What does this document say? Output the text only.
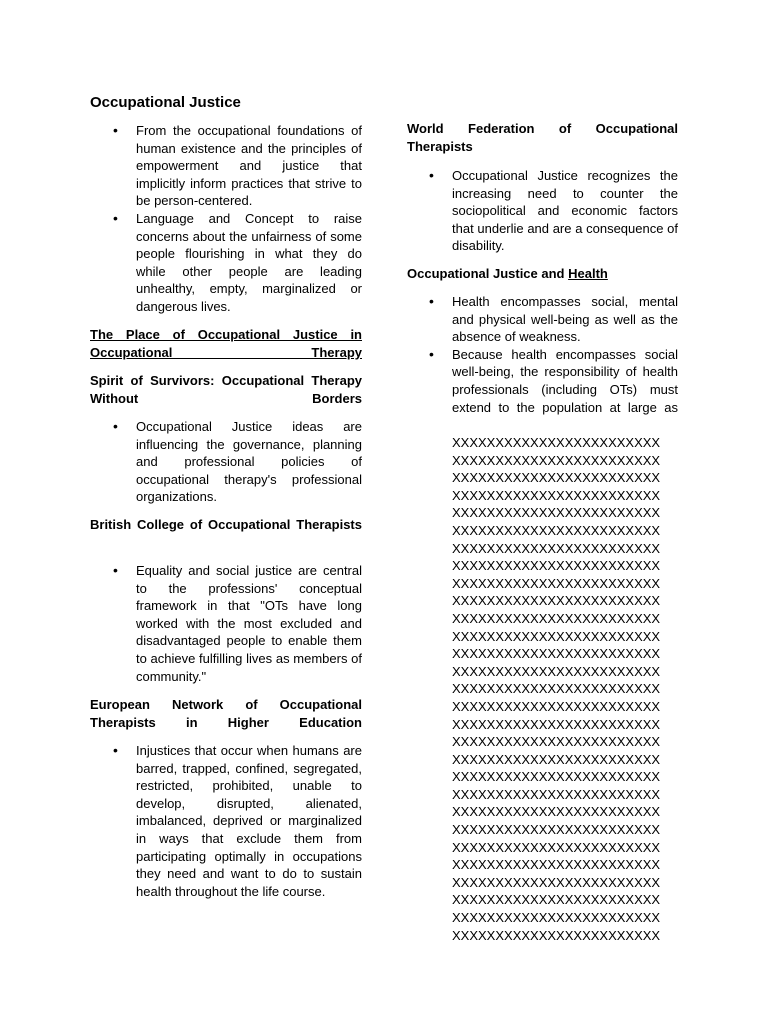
Occupational Justice
• From the occupational foundations of human existence and the principles of empowerment and justice that implicitly inform practices that strive to be person-centered.
• Language and Concept to raise concerns about the unfairness of some people flourishing in what they do while other people are leading unhealthy, empty, marginalized or dangerous lives.

The Place of Occupational Justice in Occupational Therapy

Spirit of Survivors: Occupational Therapy Without Borders

• Occupational Justice ideas are influencing the governance, planning and professional policies of occupational therapy's professional organizations.

British College of Occupational Therapists

• Equality and social justice are central to the professions' conceptual framework in that "OTs have long worked with the most excluded and disadvantaged people to enable them to achieve fulfilling lives as members of community."

European Network of Occupational Therapists in Higher Education

• Injustices that occur when humans are barred, trapped, confined, segregated, restricted, prohibited, unable to develop, disrupted, alienated, imbalanced, deprived or marginalized in ways that exclude them from participating optimally in occupations they need and want to do to sustain health throughout the life course.

World Federation of Occupational Therapists

• Occupational Justice recognizes the increasing need to counter the sociopolitical and economic factors that underlie and are a consequence of disability.

Occupational Justice and Health

• Health encompasses social, mental and physical well-being as well as the absence of weakness.
• Because health encompasses social well-being, the responsibility of health professionals (including OTs) must extend to the population at large as
XXXXXXXXXXXXXXXXXXXXXXXX
XXXXXXXXXXXXXXXXXXXXXXXX
XXXXXXXXXXXXXXXXXXXXXXXX
XXXXXXXXXXXXXXXXXXXXXXXX
XXXXXXXXXXXXXXXXXXXXXXXX
XXXXXXXXXXXXXXXXXXXXXXXX
XXXXXXXXXXXXXXXXXXXXXXXX
XXXXXXXXXXXXXXXXXXXXXXXX
XXXXXXXXXXXXXXXXXXXXXXXX
XXXXXXXXXXXXXXXXXXXXXXXX
XXXXXXXXXXXXXXXXXXXXXXXX
XXXXXXXXXXXXXXXXXXXXXXXX
XXXXXXXXXXXXXXXXXXXXXXXX
XXXXXXXXXXXXXXXXXXXXXXXX
XXXXXXXXXXXXXXXXXXXXXXXX
XXXXXXXXXXXXXXXXXXXXXXXX
XXXXXXXXXXXXXXXXXXXXXXXX
XXXXXXXXXXXXXXXXXXXXXXXX
XXXXXXXXXXXXXXXXXXXXXXXX
XXXXXXXXXXXXXXXXXXXXXXXX
XXXXXXXXXXXXXXXXXXXXXXXX
XXXXXXXXXXXXXXXXXXXXXXXX
XXXXXXXXXXXXXXXXXXXXXXXX
XXXXXXXXXXXXXXXXXXXXXXXX
XXXXXXXXXXXXXXXXXXXXXXXX
XXXXXXXXXXXXXXXXXXXXXXXX
XXXXXXXXXXXXXXXXXXXXXXXX
XXXXXXXXXXXXXXXXXXXXXXXX
XXXXXXXXXXXXXXXXXXXXXXXX
